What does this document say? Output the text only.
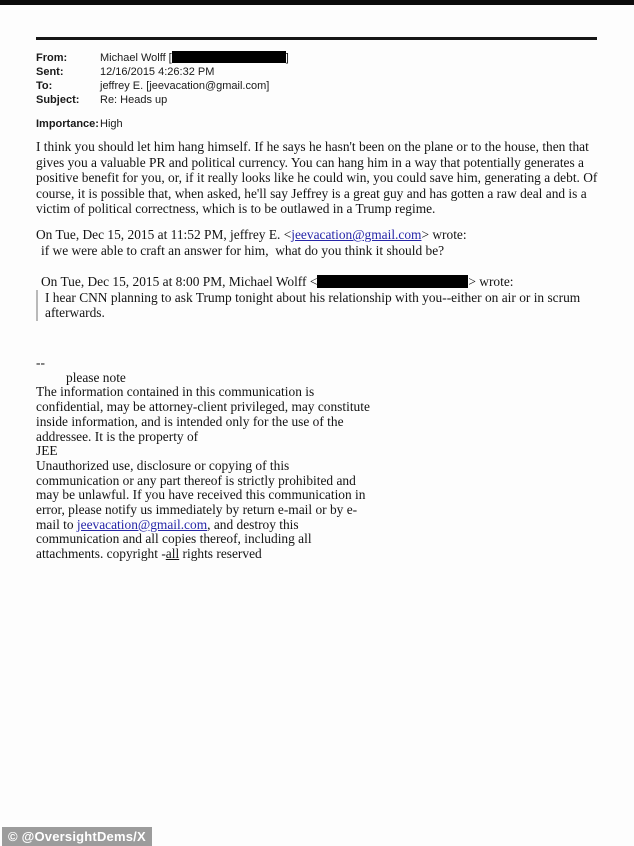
From:	Michael Wolff [	]
Sent:	12/16/2015 4:26:32 PM
To:	jeffrey E. [jeevacation@gmail.com]
Subject:	Re: Heads up
Importance: High
I think you should let him hang himself. If he says he hasn't been on the plane or to the house, then that gives you a valuable PR and political currency. You can hang him in a way that potentially generates a positive benefit for you, or, if it really looks like he could win, you could save him, generating a debt. Of course, it is possible that, when asked, he'll say Jeffrey is a great guy and has gotten a raw deal and is a victim of political correctness, which is to be outlawed in a Trump regime.
On Tue, Dec 15, 2015 at 11:52 PM, jeffrey E. <jeevacation@gmail.com> wrote:
if we were able to craft an answer for him,  what do you think it should be?
On Tue, Dec 15, 2015 at 8:00 PM, Michael Wolff <	> wrote:
I hear CNN planning to ask Trump tonight about his relationship with you--either on air or in scrum afterwards.
--
please note
The information contained in this communication is confidential, may be attorney-client privileged, may constitute inside information, and is intended only for the use of the addressee. It is the property of
JEE
Unauthorized use, disclosure or copying of this communication or any part thereof is strictly prohibited and may be unlawful. If you have received this communication in error, please notify us immediately by return e-mail or by e-mail to jeevacation@gmail.com, and destroy this communication and all copies thereof, including all attachments. copyright -all rights reserved
© @OversightDems/X
